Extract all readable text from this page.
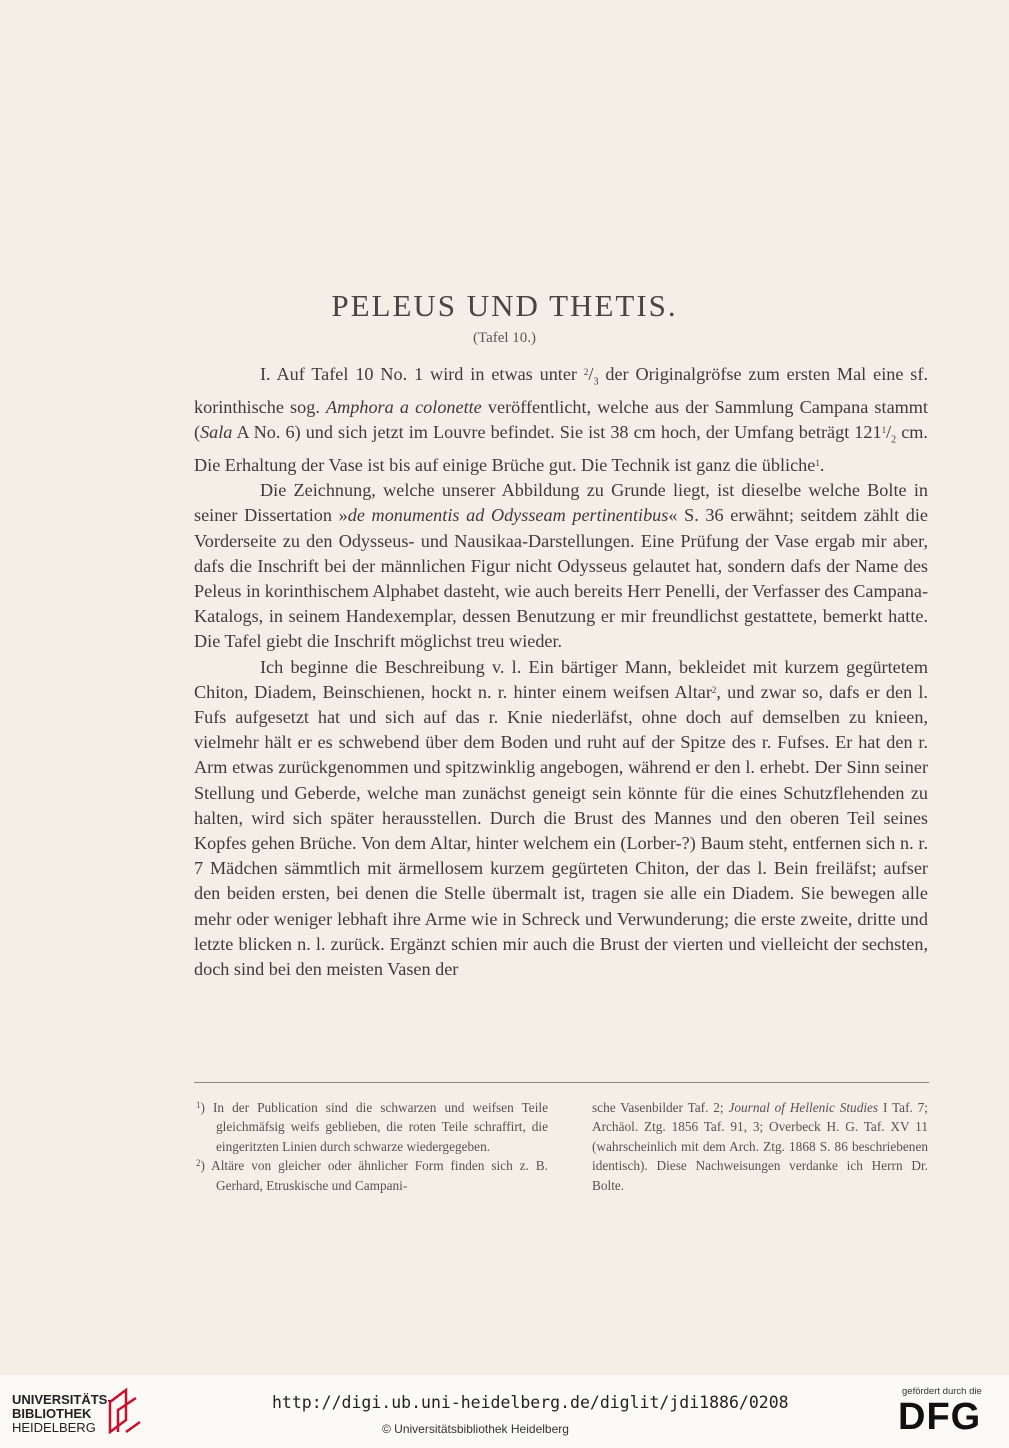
PELEUS UND THETIS.
(Tafel 10.)

I. Auf Tafel 10 No. 1 wird in etwas unter $^2/_3$ der Originalgröfse zum ersten Mal eine sf. korinthische sog. Amphora a colonette veröffentlicht, welche aus der Sammlung Campana stammt (Sala A No. 6) und sich jetzt im Louvre befindet. Sie ist 38 cm hoch, der Umfang beträgt $121^1/_2$ cm. Die Erhaltung der Vase ist bis auf einige Brüche gut. Die Technik ist ganz die übliche$^1$.

Die Zeichnung, welche unserer Abbildung zu Grunde liegt, ist dieselbe welche Bolte in seiner Dissertation »de monumentis ad Odysseam pertinentibus« S. 36 erwähnt; seitdem zählt die Vorderseite zu den Odysseus- und Nausikaa-Darstellungen. Eine Prüfung der Vase ergab mir aber, dafs die Inschrift bei der männlichen Figur nicht Odysseus gelautet hat, sondern dafs der Name des Peleus in korinthischem Alphabet dasteht, wie auch bereits Herr Penelli, der Verfasser des Campana-Katalogs, in seinem Handexemplar, dessen Benutzung er mir freundlichst gestattete, bemerkt hatte. Die Tafel giebt die Inschrift möglichst treu wieder.

Ich beginne die Beschreibung v. l. Ein bärtiger Mann, bekleidet mit kurzem gegürtetem Chiton, Diadem, Beinschienen, hockt n. r. hinter einem weifsen Altar$^2$, und zwar so, dafs er den l. Fufs aufgesetzt hat und sich auf das r. Knie niederläfst, ohne doch auf demselben zu knieen, vielmehr hält er es schwebend über dem Boden und ruht auf der Spitze des r. Fufses. Er hat den r. Arm etwas zurückgenommen und spitzwinklig angebogen, während er den l. erhebt. Der Sinn seiner Stellung und Geberde, welche man zunächst geneigt sein könnte für die eines Schutzflehenden zu halten, wird sich später herausstellen. Durch die Brust des Mannes und den oberen Teil seines Kopfes gehen Brüche. Von dem Altar, hinter welchem ein (Lorber-?) Baum steht, entfernen sich n. r. 7 Mädchen sämmtlich mit ärmellosem kurzem gegürteten Chiton, der das l. Bein freiläfst; aufser den beiden ersten, bei denen die Stelle übermalt ist, tragen sie alle ein Diadem. Sie bewegen alle mehr oder weniger lebhaft ihre Arme wie in Schreck und Verwunderung; die erste zweite, dritte und letzte blicken n. l. zurück. Ergänzt schien mir auch die Brust der vierten und vielleicht der sechsten, doch sind bei den meisten Vasen der

$^1$) In der Publication sind die schwarzen und weifsen Teile gleichmäfsig weifs geblieben, die roten Teile schraffirt, die eingeritzten Linien durch schwarze wiedergegeben.

$^2$) Altäre von gleicher oder ähnlicher Form finden sich z. B. Gerhard, Etruskische und Campani-

sche Vasenbilder Taf. 2; Journal of Hellenic Studies I Taf. 7; Archäol. Ztg. 1856 Taf. 91, 3; Overbeck H. G. Taf. XV 11 (wahrscheinlich mit dem Arch. Ztg. 1868 S. 86 beschriebenen identisch). Diese Nachweisungen verdanke ich Herrn Dr. Bolte.
UNIVERSITÄTS-
BIBLIOTHEK
HEIDELBERG
http://digi.ub.uni-heidelberg.de/diglit/jdi1886/0208
© Universitätsbibliothek Heidelberg
gefördert durch die
DFG
